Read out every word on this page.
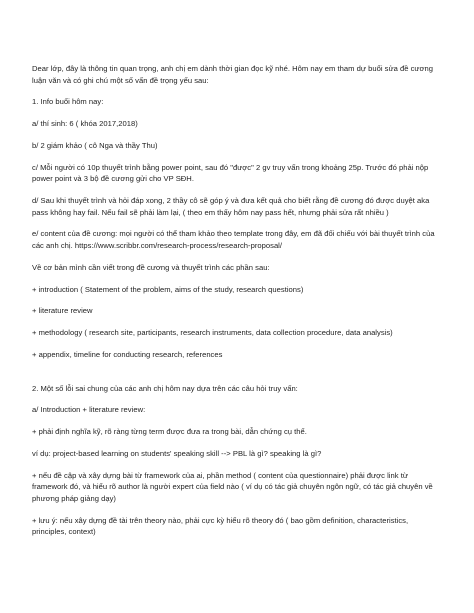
Dear lớp, đây là thông tin quan trọng, anh chị em dành thời gian đọc kỹ nhé. Hôm nay em tham dự buổi sửa đề cương luận văn và có ghi chú một số vấn đề trọng yếu sau:

1. Info buổi hôm nay:

a/ thí sinh: 6 ( khóa 2017,2018)

b/ 2 giám khảo ( cô Nga và thầy Thu)

c/ Mỗi người có 10p thuyết trình bằng power point, sau đó "được" 2 gv truy vấn trong khoảng 25p. Trước đó phải nộp power point và 3 bộ đề cương gửi cho VP SĐH.

d/ Sau khi thuyết trình và hỏi đáp xong, 2 thầy cô sẽ góp ý và đưa kết quả cho biết rằng đề cương đó được duyệt aka pass không hay fail. Nếu fail sẽ phải làm lại, ( theo em thấy hôm nay pass hết, nhưng phải sửa rất nhiều )

e/ content của đề cương: mọi người có thể tham khảo theo template trong đây, em đã đối chiếu với bài thuyết trình của các anh chị. https://www.scribbr.com/research-process/research-proposal/

Về cơ bản mình cần viết trong đề cương và thuyết trình các phần sau:

+ introduction ( Statement of the problem, aims of the study, research questions)

+ literature review

+ methodology ( research site, participants, research instruments, data collection procedure, data analysis)

+ appendix, timeline for conducting research, references

2. Một số lỗi sai chung của các anh chị hôm nay dựa trên các câu hỏi truy vấn:

a/ Introduction + literature review:

+ phải định nghĩa kỹ, rõ ràng từng term được đưa ra trong bài, dẫn chứng cụ thể.

ví dụ: project-based learning on students' speaking skill --> PBL là gì? speaking là gì?

+ nếu đề cập và xây dựng bài từ framework của ai, phần method ( content của questionnaire) phải được link từ framework đó, và hiểu rõ author là người expert của field nào ( ví dụ có tác giả chuyên ngôn ngữ, có tác giả chuyên về phương pháp giảng dạy)

+ lưu ý: nếu xây dựng đề tài trên theory nào, phải cực kỳ hiểu rõ theory đó ( bao gồm definition, characteristics, principles, context)
